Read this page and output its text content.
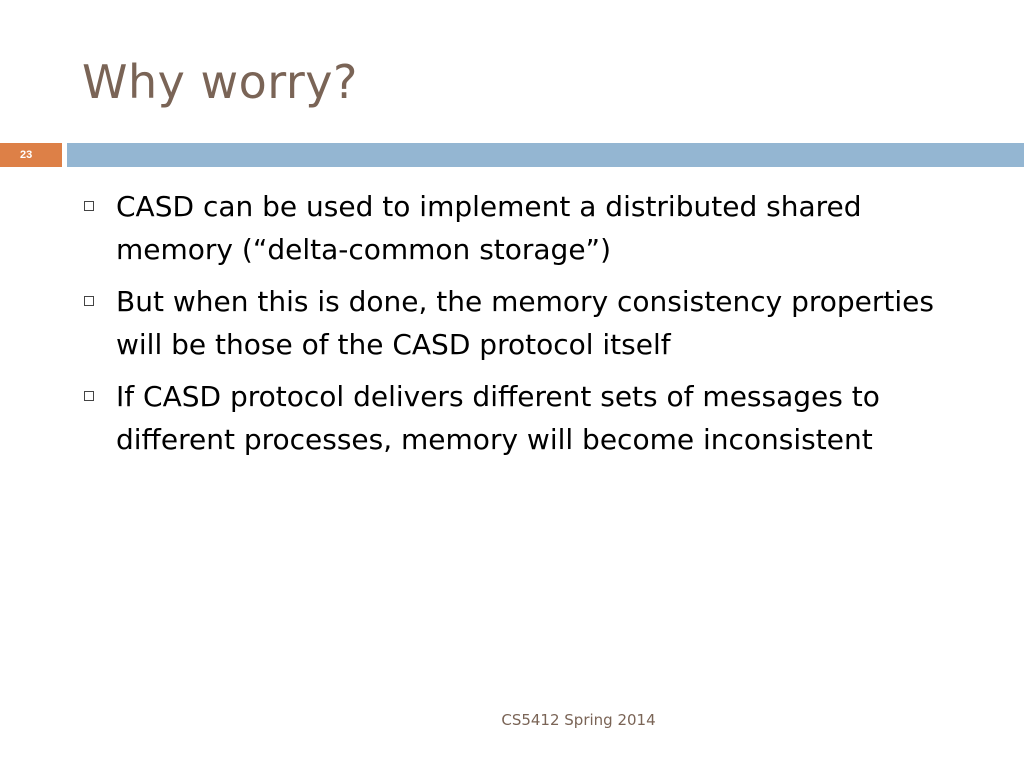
Why worry?
23
CASD can be used to implement a distributed shared memory (“delta-common storage”)
But when this is done, the memory consistency properties will be those of the CASD protocol itself
If CASD protocol delivers different sets of messages to different processes, memory will become inconsistent
CS5412 Spring 2014
